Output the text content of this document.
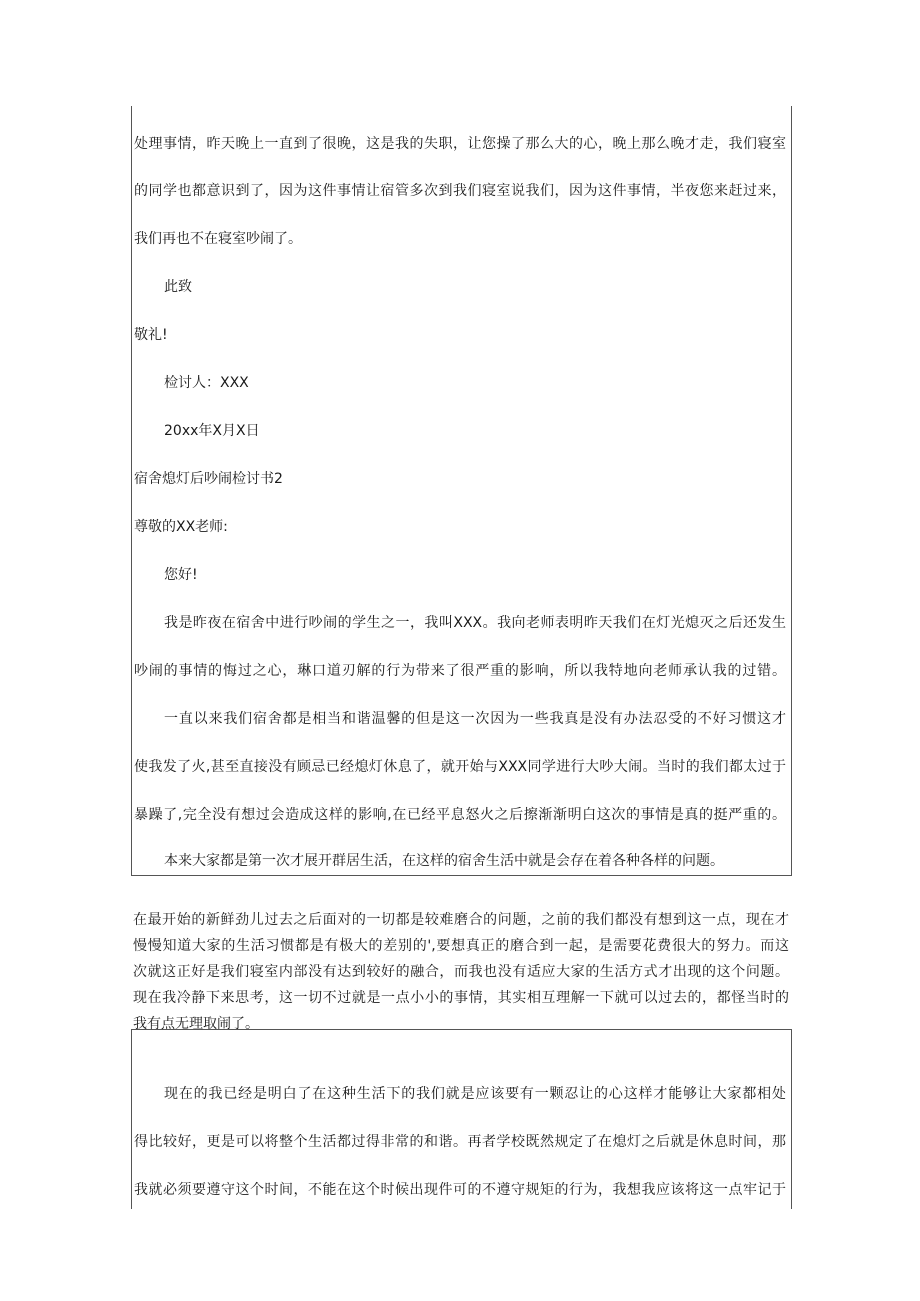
处理事情，昨天晚上一直到了很晚，这是我的失职，让您操了那么大的心，晚上那么晚才走，我们寝室
的同学也都意识到了，因为这件事情让宿管多次到我们寝室说我们，因为这件事情，半夜您来赶过来，
我们再也不在寝室吵闹了。
此致
敬礼!
检讨人：XXX
20xx年X月X日
宿舍熄灯后吵闹检讨书2
尊敬的XX老师:
您好!
我是昨夜在宿舍中进行吵闹的学生之一，我叫XXX。我向老师表明昨天我们在灯光熄灭之后还发生
吵闹的事情的悔过之心，琳口道刃解的行为带来了很严重的影响，所以我特地向老师承认我的过错。
一直以来我们宿舍都是相当和谐温馨的但是这一次因为一些我真是没有办法忍受的不好习惯这才
使我发了火,甚至直接没有顾忌已经熄灯休息了，就开始与XXX同学进行大吵大闹。当时的我们都太过于
暴躁了,完全没有想过会造成这样的影响,在已经平息怒火之后擦渐渐明白这次的事情是真的挺严重的。
本来大家都是第一次才展开群居生活，在这样的宿舍生活中就是会存在着各种各样的问题。
在最开始的新鲜劲儿过去之后面对的一切都是较难磨合的问题，之前的我们都没有想到这一点，现在才
慢慢知道大家的生活习惯都是有极大的差别的',要想真正的磨合到一起，是需要花费很大的努力。而这
次就这正好是我们寝室内部没有达到较好的融合，而我也没有适应大家的生活方式才出现的这个问题。
现在我冷静下来思考，这一切不过就是一点小小的事情，其实相互理解一下就可以过去的，都怪当时的
我有点无理取闹了。
现在的我已经是明白了在这种生活下的我们就是应该要有一颗忍让的心这样才能够让大家都相处
得比较好，更是可以将整个生活都过得非常的和谐。再者学校既然规定了在熄灯之后就是休息时间，那
我就必须要遵守这个时间，不能在这个时候出现件可的不遵守规矩的行为，我想我应该将这一点牢记于
